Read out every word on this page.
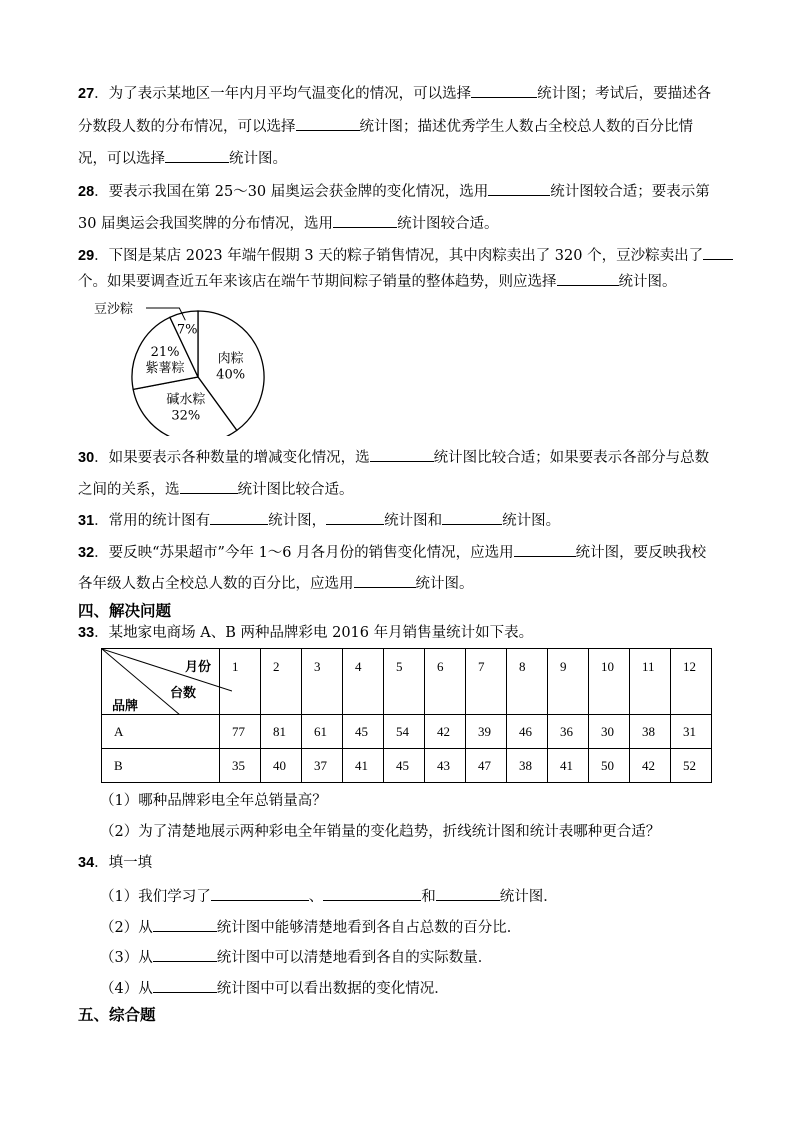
27．为了表示某地区一年内月平均气温变化的情况，可以选择	统计图；考试后，要描述各
分数段人数的分布情况，可以选择	统计图；描述优秀学生人数占全校总人数的百分比情
况，可以选择	统计图。
28．要表示我国在第 25～30 届奥运会获金牌的变化情况，选用	统计图较合适；要表示第
30 届奥运会我国奖牌的分布情况，选用	统计图较合适。
29．下图是某店 2023 年端午假期 3 天的粽子销售情况，其中肉粽卖出了 320 个，豆沙粽卖出了
个。如果要调查近五年来该店在端午节期间粽子销量的整体趋势，则应选择	统计图。
肉粽
40%
碱水粽
32%
21%
紫薯粽
7%
豆沙粽
30．如果要表示各种数量的增减变化情况，选	统计图比较合适；如果要表示各部分与总数
之间的关系，选	统计图比较合适。
31．常用的统计图有	统计图，	统计图和	统计图。
32．要反映“苏果超市”今年 1～6 月各月份的销售变化情况，应选用	统计图，要反映我校
各年级人数占全校总人数的百分比，应选用	统计图。
四、解决问题
33．某地家电商场 A、B 两种品牌彩电 2016 年月销售量统计如下表。
月份
台数
品牌	1	2	3	4	5	6	7	8	9	10	11	12
A	77	81	61	45	54	42	39	46	36	30	38	31
B	35	40	37	41	45	43	47	38	41	50	42	52
（1）哪种品牌彩电全年总销量高？
（2）为了清楚地展示两种彩电全年销量的变化趋势，折线统计图和统计表哪种更合适？
34．填一填
（1）我们学习了	、	和	统计图．
（2）从	统计图中能够清楚地看到各自占总数的百分比．
（3）从	统计图中可以清楚地看到各自的实际数量．
（4）从	统计图中可以看出数据的变化情况．
五、综合题
